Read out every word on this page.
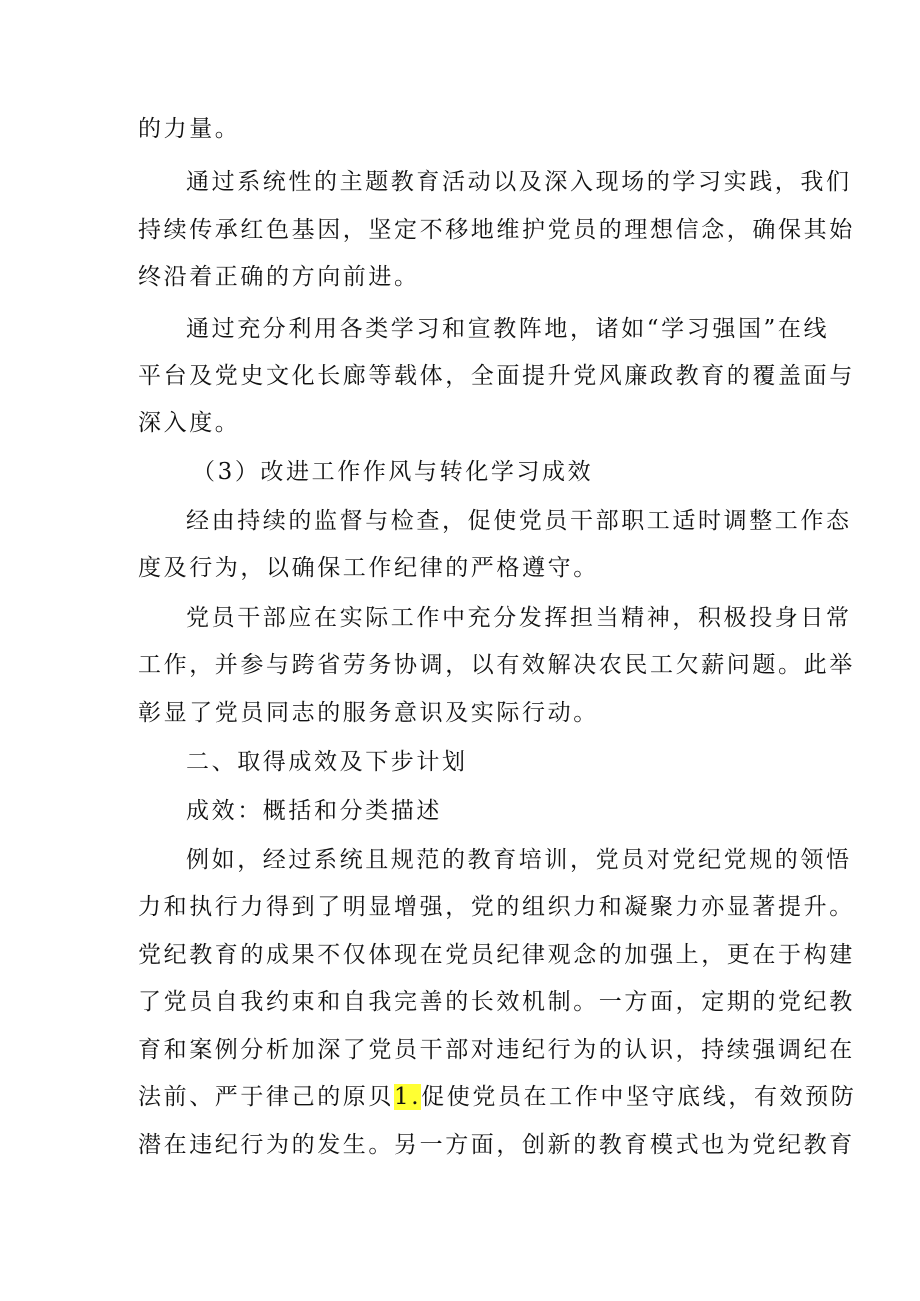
的力量。
通过系统性的主题教育活动以及深入现场的学习实践，我们
持续传承红色基因，坚定不移地维护党员的理想信念，确保其始
终沿着正确的方向前进。
通过充分利用各类学习和宣教阵地，诸如“学习强国”在线
平台及党史文化长廊等载体，全面提升党风廉政教育的覆盖面与
深入度。
（3）改进工作作风与转化学习成效
经由持续的监督与检查，促使党员干部职工适时调整工作态
度及行为，以确保工作纪律的严格遵守。
党员干部应在实际工作中充分发挥担当精神，积极投身日常
工作，并参与跨省劳务协调，以有效解决农民工欠薪问题。此举
彰显了党员同志的服务意识及实际行动。
二、取得成效及下步计划
成效：概括和分类描述
例如，经过系统且规范的教育培训，党员对党纪党规的领悟
力和执行力得到了明显增强，党的组织力和凝聚力亦显著提升。
党纪教育的成果不仅体现在党员纪律观念的加强上，更在于构建
了党员自我约束和自我完善的长效机制。一方面，定期的党纪教
育和案例分析加深了党员干部对违纪行为的认识，持续强调纪在
法前、严于律己的原贝1.促使党员在工作中坚守底线，有效预防
潜在违纪行为的发生。另一方面，创新的教育模式也为党纪教育
